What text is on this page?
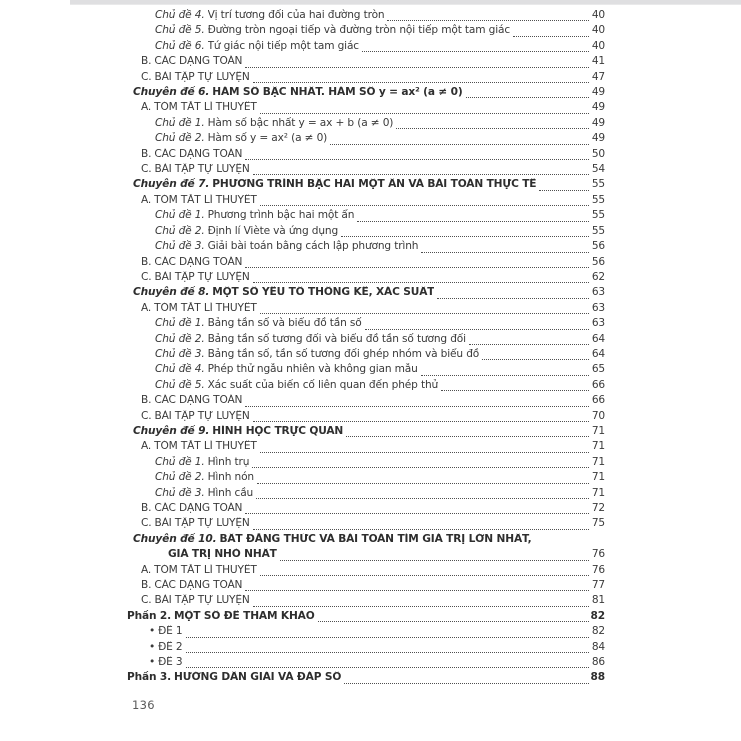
Chủ đề 4. Vị trí tương đối của hai đường tròn	40
Chủ đề 5. Đường tròn ngoại tiếp và đường tròn nội tiếp một tam giác	40
Chủ đề 6. Tứ giác nội tiếp một tam giác	40
B. CÁC DẠNG TOÁN	41
C. BÀI TẬP TỰ LUYỆN	47
Chuyên đề 6. HÀM SỐ BẬC NHẤT. HÀM SỐ y = ax² (a ≠ 0)	49
A. TÓM TẮT LÍ THUYẾT	49
Chủ đề 1. Hàm số bậc nhất y = ax + b (a ≠ 0)	49
Chủ đề 2. Hàm số y = ax² (a ≠ 0)	49
B. CÁC DẠNG TOÁN	50
C. BÀI TẬP TỰ LUYỆN	54
Chuyên đề 7. PHƯƠNG TRÌNH BẬC HAI MỘT ẨN VÀ BÀI TOÁN THỰC TẾ	55
A. TÓM TẮT LÍ THUYẾT	55
Chủ đề 1. Phương trình bậc hai một ẩn	55
Chủ đề 2. Định lí Viète và ứng dụng	55
Chủ đề 3. Giải bài toán bằng cách lập phương trình	56
B. CÁC DẠNG TOÁN	56
C. BÀI TẬP TỰ LUYỆN	62
Chuyên đề 8. MỘT SỐ YẾU TỐ THỐNG KÊ, XÁC SUẤT	63
A. TÓM TẮT LÍ THUYẾT	63
Chủ đề 1. Bảng tần số và biểu đồ tần số	63
Chủ đề 2. Bảng tần số tương đối và biểu đồ tần số tương đối	64
Chủ đề 3. Bảng tần số, tần số tương đối ghép nhóm và biểu đồ	64
Chủ đề 4. Phép thử ngẫu nhiên và không gian mẫu	65
Chủ đề 5. Xác suất của biến cố liên quan đến phép thử	66
B. CÁC DẠNG TOÁN	66
C. BÀI TẬP TỰ LUYỆN	70
Chuyên đề 9. HÌNH HỌC TRỰC QUAN	71
A. TÓM TẮT LÍ THUYẾT	71
Chủ đề 1. Hình trụ	71
Chủ đề 2. Hình nón	71
Chủ đề 3. Hình cầu	71
B. CÁC DẠNG TOÁN	72
C. BÀI TẬP TỰ LUYỆN	75
Chuyên đề 10. BẤT ĐẲNG THỨC VÀ BÀI TOÁN TÌM GIÁ TRỊ LỚN NHẤT,
GIÁ TRỊ NHỎ NHẤT	76
A. TÓM TẮT LÍ THUYẾT	76
B. CÁC DẠNG TOÁN	77
C. BÀI TẬP TỰ LUYỆN	81
Phần 2. MỘT SỐ ĐỀ THAM KHẢO	82
• ĐỀ 1	82
• ĐỀ 2	84
• ĐỀ 3	86
Phần 3. HƯỚNG DẪN GIẢI VÀ ĐÁP SỐ	88
136
